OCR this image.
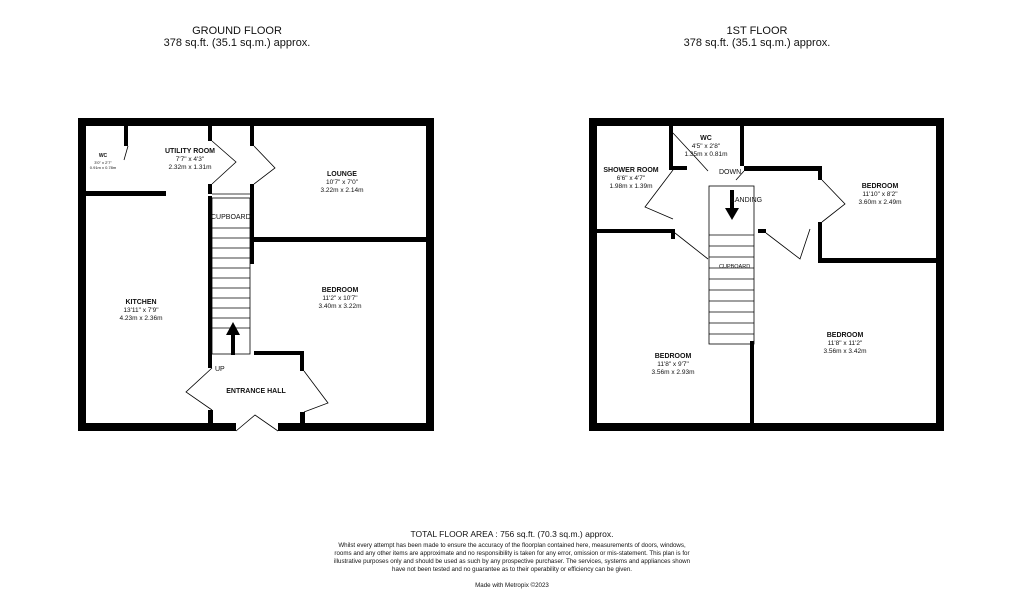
GROUND FLOOR
378 sq.ft. (35.1 sq.m.) approx.
1ST FLOOR
378 sq.ft. (35.1 sq.m.) approx.
WC
3'0" x 2'7"
0.91m x 0.78m
UTILITY ROOM
7'7" x 4'3"
2.32m x 1.31m
LOUNGE
10'7" x 7'0"
3.22m x 2.14m
KITCHEN
13'11" x 7'9"
4.23m x 2.36m
BEDROOM
11'2" x 10'7"
3.40m x 3.22m
ENTRANCE HALL
CUPBOARD
UP
SHOWER ROOM
6'6" x 4'7"
1.98m x 1.39m
WC
4'5" x 2'8"
1.35m x 0.81m
BEDROOM
11'10" x 8'2"
3.60m x 2.49m
BEDROOM
11'8" x 9'7"
3.56m x 2.93m
BEDROOM
11'8" x 11'2"
3.56m x 3.42m
DOWN
LANDING
CUPBOARD
TOTAL FLOOR AREA : 756 sq.ft. (70.3 sq.m.) approx.
Whilst every attempt has been made to ensure the accuracy of the floorplan contained here, measurements of doors, windows, rooms and any other items are approximate and no responsibility is taken for any error, omission or mis-statement. This plan is for illustrative purposes only and should be used as such by any prospective purchaser. The services, systems and appliances shown have not been tested and no guarantee as to their operability or efficiency can be given.
Made with Metropix ©2023
